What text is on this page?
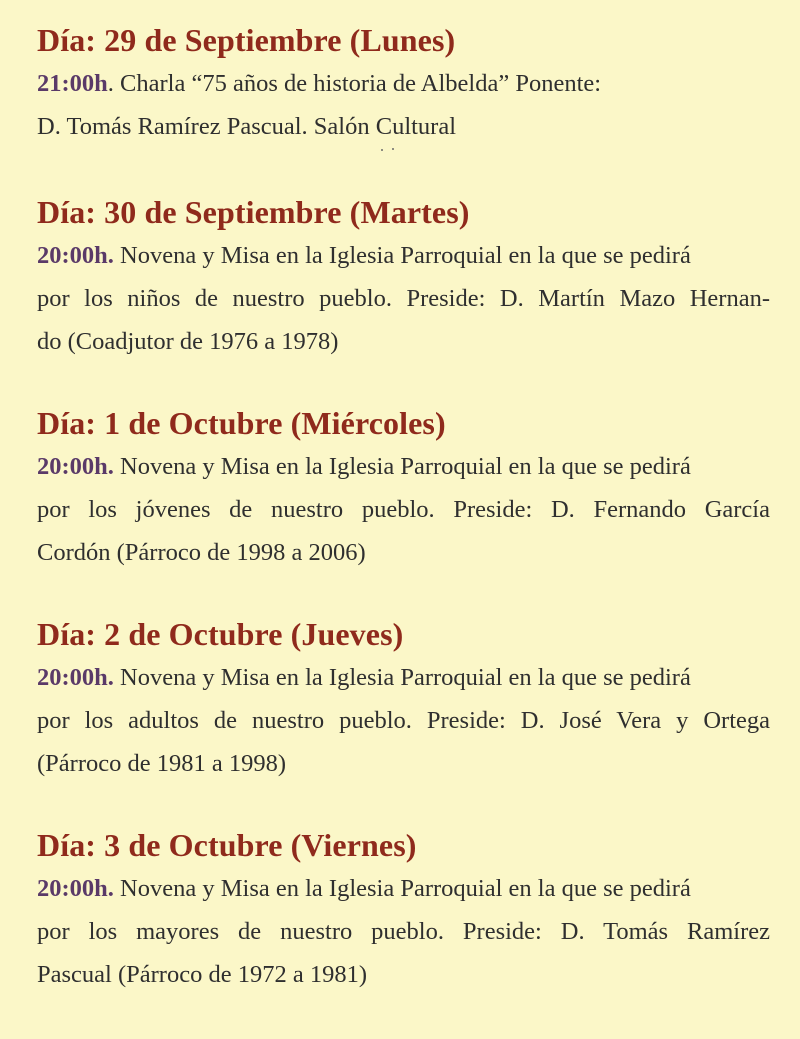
Día: 29 de Septiembre (Lunes)

21:00h. Charla “75 años de historia de Albelda” Ponente:
D. Tomás Ramírez Pascual. Salón Cultural

Día: 30 de Septiembre (Martes)

20:00h. Novena y Misa en la Iglesia Parroquial en la que se pedirá
por los niños de nuestro pueblo. Preside: D. Martín Mazo Hernan-
do (Coadjutor de 1976 a 1978)

Día: 1 de Octubre (Miércoles)

20:00h. Novena y Misa en la Iglesia Parroquial en la que se pedirá
por los jóvenes de nuestro pueblo. Preside: D. Fernando García
Cordón (Párroco de 1998 a 2006)

Día: 2 de Octubre (Jueves)

20:00h. Novena y Misa en la Iglesia Parroquial en la que se pedirá
por los adultos de nuestro pueblo. Preside: D. José Vera y Ortega
(Párroco de 1981 a 1998)

Día: 3 de Octubre (Viernes)

20:00h. Novena y Misa en la Iglesia Parroquial en la que se pedirá
por los mayores de nuestro pueblo. Preside: D. Tomás Ramírez
Pascual (Párroco de 1972 a 1981)
